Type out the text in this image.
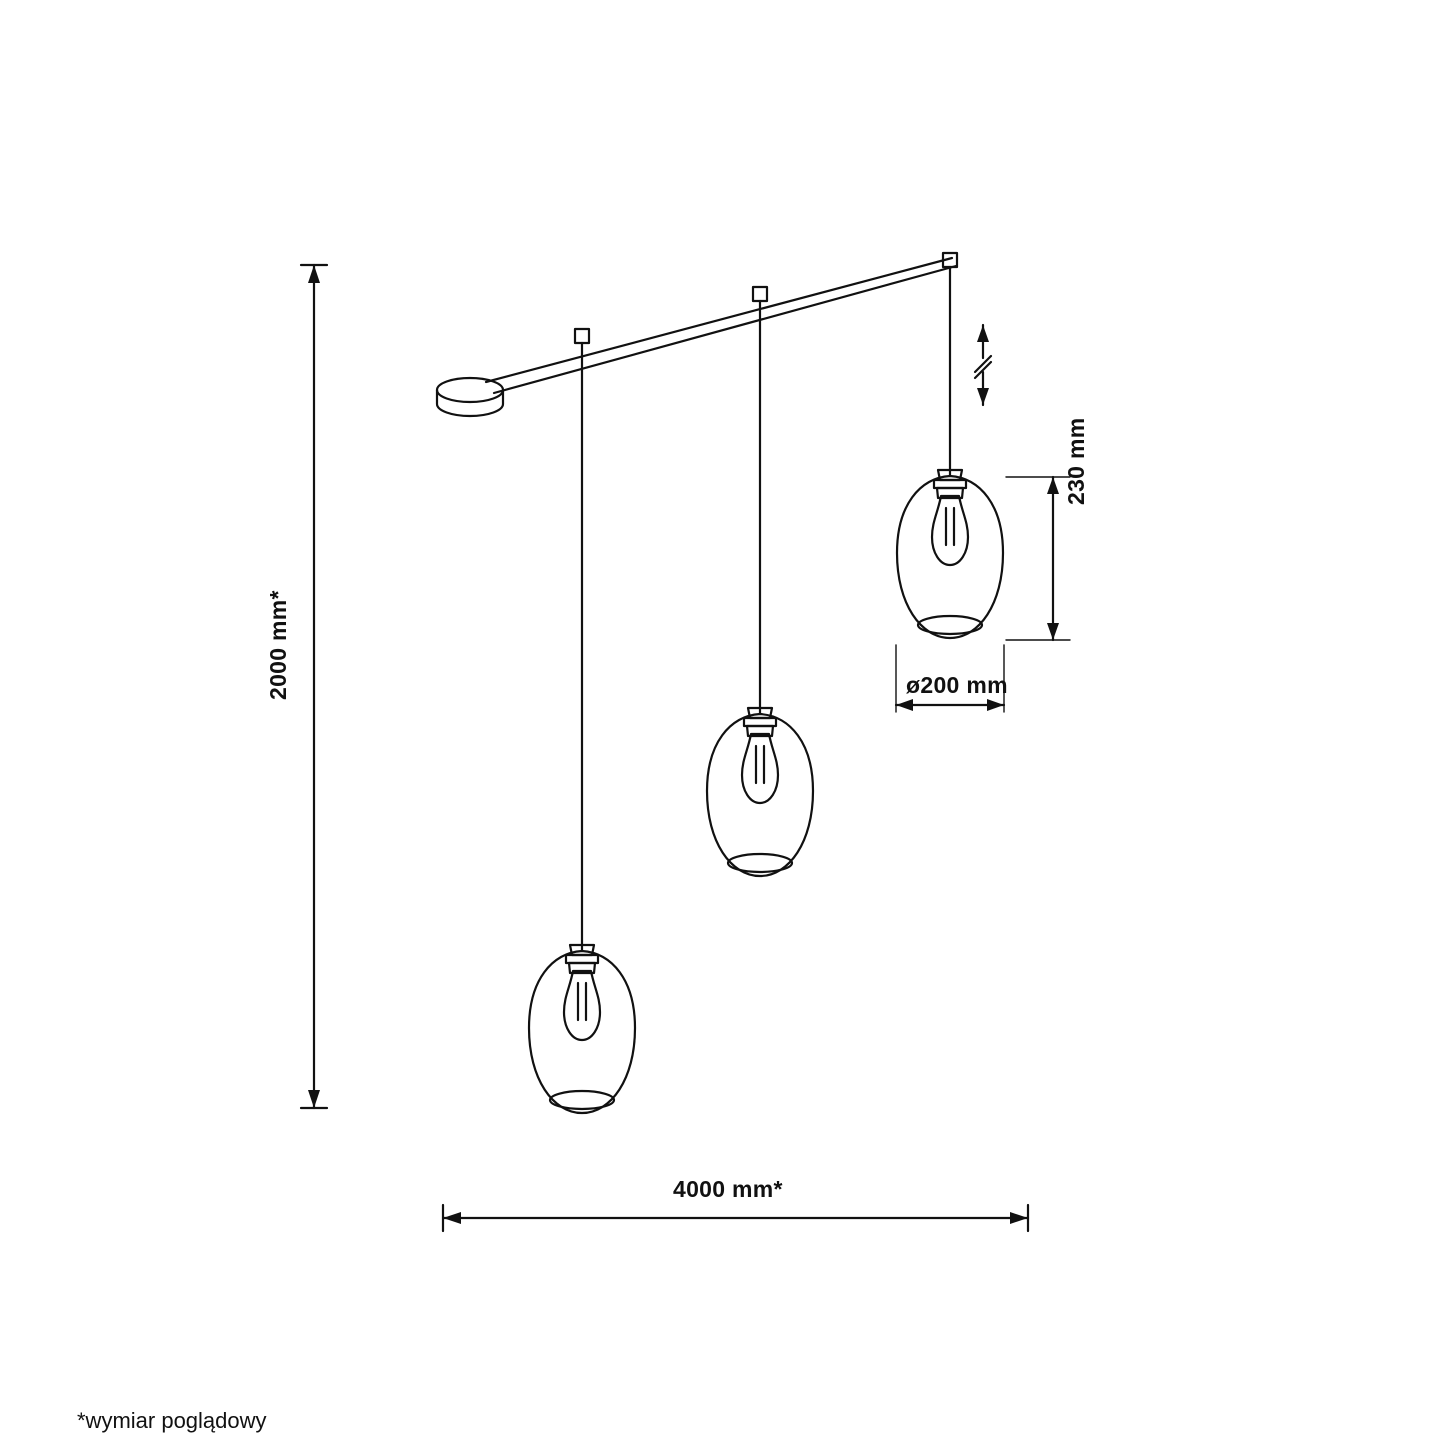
2000 mm*
230 mm
ø200 mm
4000 mm*
*wymiar poglądowy
